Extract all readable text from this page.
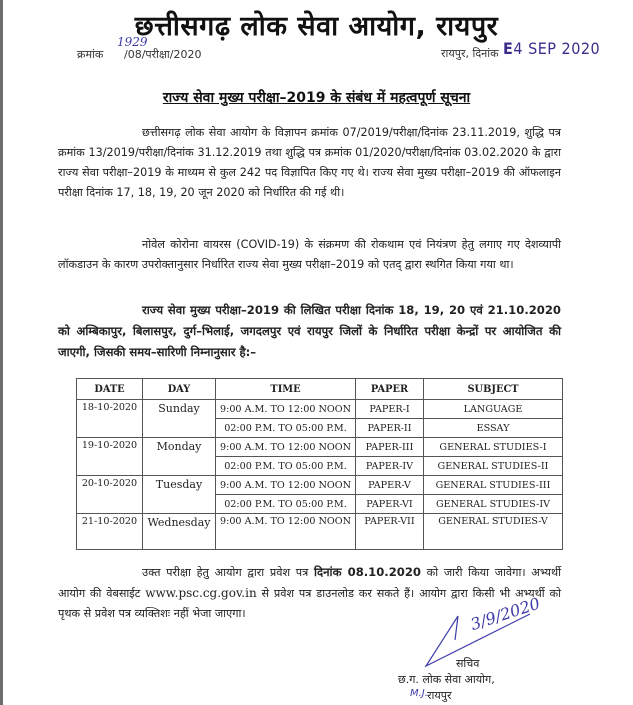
छत्तीसगढ़ लोक सेवा आयोग, रायपुर
क्रमांक
1929
/08/परीक्षा/2020	रायपुर, दिनांक E4 SEP 2020
राज्य सेवा मुख्य परीक्षा–2019 के संबंध में महत्वपूर्ण सूचना
छत्तीसगढ़ लोक सेवा आयोग के विज्ञापन क्रमांक 07/2019/परीक्षा/दिनांक 23.11.2019, शुद्धि पत्र क्रमांक 13/2019/परीक्षा/दिनांक 31.12.2019 तथा शुद्धि पत्र क्रमांक 01/2020/परीक्षा/दिनांक 03.02.2020 के द्वारा राज्य सेवा परीक्षा–2019 के माध्यम से कुल 242 पद विज्ञापित किए गए थे। राज्य सेवा मुख्य परीक्षा–2019 की ऑफलाइन परीक्षा दिनांक 17, 18, 19, 20 जून 2020 को निर्धारित की गई थी।
नोवेल कोरोना वायरस (COVID-19) के संक्रमण की रोकथाम एवं नियंत्रण हेतु लगाए गए देशव्यापी लॉकडाउन के कारण उपरोक्तानुसार निर्धारित राज्य सेवा मुख्य परीक्षा–2019 को एतद् द्वारा स्थगित किया गया था।
राज्य सेवा मुख्य परीक्षा–2019 की लिखित परीक्षा दिनांक 18, 19, 20 एवं 21.10.2020 को अम्बिकापुर, बिलासपुर, दुर्ग–भिलाई, जगदलपुर एवं रायपुर जिलों के निर्धारित परीक्षा केन्द्रों पर आयोजित की जाएगी, जिसकी समय–सारिणी निम्नानुसार है:–
DATE	DAY	TIME	PAPER	SUBJECT
18-10-2020	Sunday	9:00 A.M. TO 12:00 NOON	PAPER-I	LANGUAGE
		02:00 P.M. TO 05:00 P.M.	PAPER-II	ESSAY
19-10-2020	Monday	9:00 A.M. TO 12:00 NOON	PAPER-III	GENERAL STUDIES-I
		02:00 P.M. TO 05:00 P.M.	PAPER-IV	GENERAL STUDIES-II
20-10-2020	Tuesday	9:00 A.M. TO 12:00 NOON	PAPER-V	GENERAL STUDIES-III
		02:00 P.M. TO 05:00 P.M.	PAPER-VI	GENERAL STUDIES-IV
21-10-2020	Wednesday	9:00 A.M. TO 12:00 NOON	PAPER-VII	GENERAL STUDIES-V
उक्त परीक्षा हेतु आयोग द्वारा प्रवेश पत्र दिनांक 08.10.2020 को जारी किया जावेगा। अभ्यर्थी आयोग की वेबसाईट www.psc.cg.gov.in से प्रवेश पत्र डाउनलोड कर सकते हैं। आयोग द्वारा किसी भी अभ्यर्थी को पृथक से प्रवेश पत्र व्यक्तिशः नहीं भेजा जाएगा।	3/9/2020
सचिव
छ.ग. लोक सेवा आयोग,
M.J. रायपुर
